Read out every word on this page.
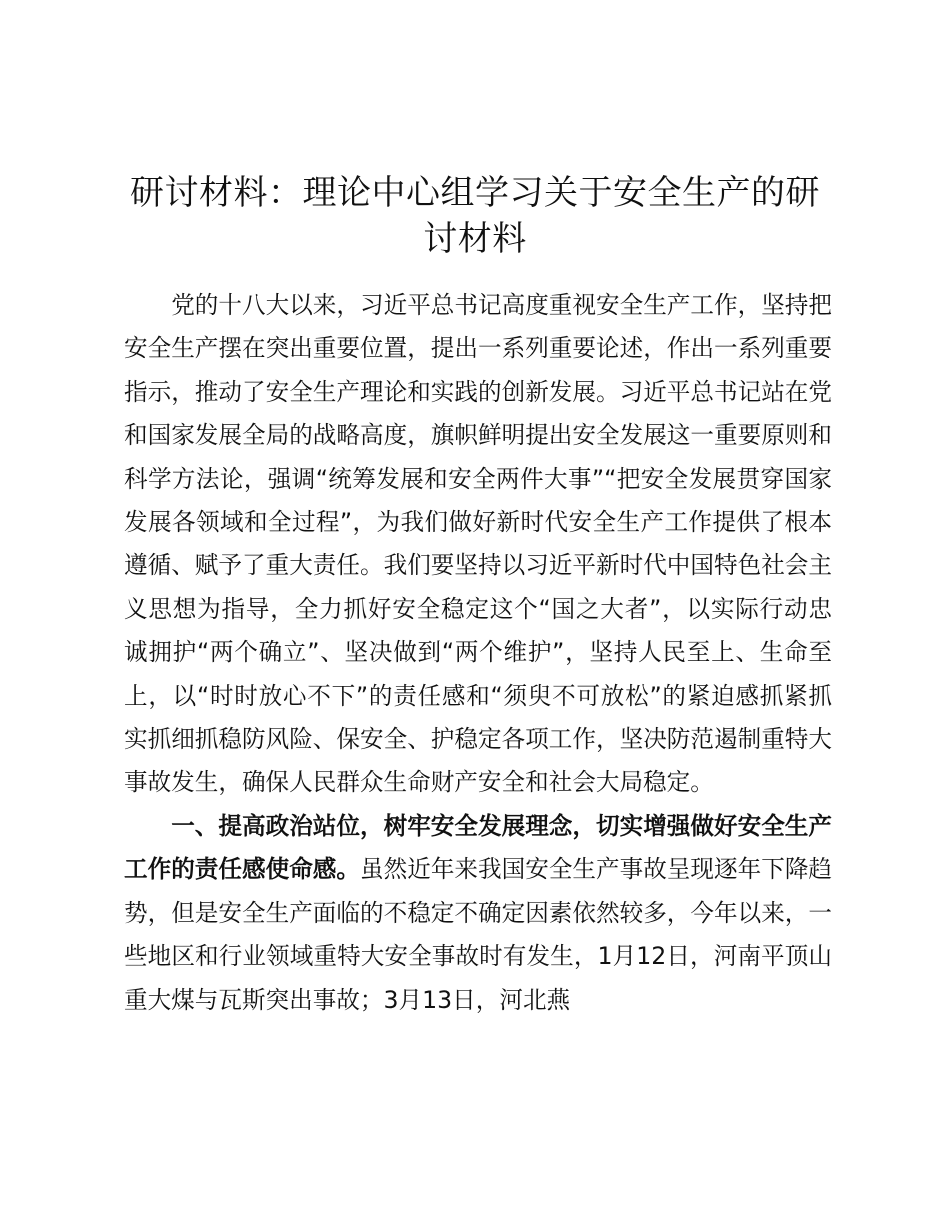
研讨材料：理论中心组学习关于安全生产的研讨材料

党的十八大以来，习近平总书记高度重视安全生产工作，坚持把安全生产摆在突出重要位置，提出一系列重要论述，作出一系列重要指示，推动了安全生产理论和实践的创新发展。习近平总书记站在党和国家发展全局的战略高度，旗帜鲜明提出安全发展这一重要原则和科学方法论，强调“统筹发展和安全两件大事”“把安全发展贯穿国家发展各领域和全过程”，为我们做好新时代安全生产工作提供了根本遵循、赋予了重大责任。我们要坚持以习近平新时代中国特色社会主义思想为指导，全力抓好安全稳定这个“国之大者”，以实际行动忠诚拥护“两个确立”、坚决做到“两个维护”，坚持人民至上、生命至上，以“时时放心不下”的责任感和“须臾不可放松”的紧迫感抓紧抓实抓细抓稳防风险、保安全、护稳定各项工作，坚决防范遏制重特大事故发生，确保人民群众生命财产安全和社会大局稳定。

一、提高政治站位，树牢安全发展理念，切实增强做好安全生产工作的责任感使命感。虽然近年来我国安全生产事故呈现逐年下降趋势，但是安全生产面临的不稳定不确定因素依然较多，今年以来，一些地区和行业领域重特大安全事故时有发生，1月12日，河南平顶山重大煤与瓦斯突出事故；3月13日，河北燕
